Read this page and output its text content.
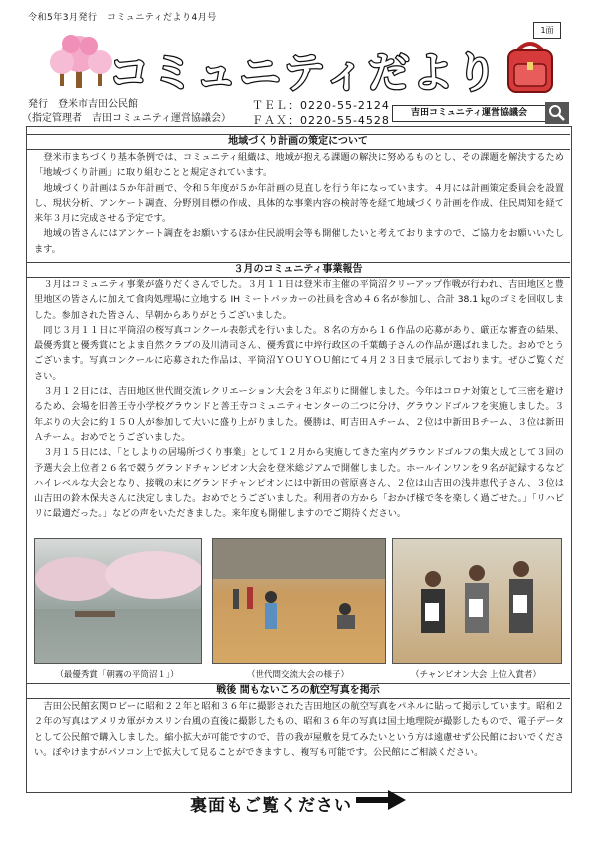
令和5年3月発行　コミュニティだより4月号
1面
コミュニティだより
発行　登米市吉田公民館
（指定管理者　吉田コミュニティ運営協議会）
ＴＥＬ：0220-55-2124
ＦＡＸ：0220-55-4528
吉田コミュニティ運営協議会
地域づくり計画の策定について
　登米市まちづくり基本条例では、コミュニティ組織は、地域が抱える課題の解決に努めるものとし、その課題を解決するため「地域づくり計画」に取り組むことと規定されています。
　地域づくり計画は５か年計画で、令和５年度が５か年計画の見直しを行う年になっています。４月には計画策定委員会を設置し、現状分析、アンケート調査、分野別目標の作成、具体的な事業内容の検討等を経て地域づくり計画を作成、住民周知を経て来年３月に完成させる予定です。
　地域の皆さんにはアンケート調査をお願いするほか住民説明会等も開催したいと考えておりますので、ご協力をお願いいたします。
３月のコミュニティ事業報告
　３月はコミュニティ事業が盛りだくさんでした。３月１１日は登米市主催の平筒沼クリーアップ作戦が行われ、吉田地区と豊里地区の皆さんに加えて食肉処理場に立地する IH ミートパッカーの社員を含め４６名が参加し、合計 38.1 ㎏のゴミを回収しました。参加された皆さん、早朝からありがとうございました。
　同じ３月１１日に平筒沼の桜写真コンクール表彰式を行いました。８名の方から１６作品の応募があり、厳正な審査の結果、最優秀賞と優秀賞にとよま自然クラブの及川清司さん、優秀賞に中埣行政区の千葉鶴子さんの作品が選ばれました。おめでとうございます。写真コンクールに応募された作品は、平筒沼ＹＯＵＹＯＵ館にて４月２３日まで展示しております。ぜひご覧ください。
　３月１２日には、吉田地区世代間交流レクリエーション大会を３年ぶりに開催しました。今年はコロナ対策として三密を避けるため、会場を旧善王寺小学校グラウンドと善王寺コミュニティセンターの二つに分け、グラウンドゴルフを実施しました。３年ぶりの大会に約１５０人が参加して大いに盛り上がりました。優勝は、町吉田Ａチーム、２位は中新田Ｂチーム、３位は新田Ａチーム。おめでとうございました。
　３月１５日には、「としよりの居場所づくり事業」として１２月から実施してきた室内グラウンドゴルフの集大成として３回の予選大会上位者２６名で競うグランドチャンピオン大会を登米総ジアムで開催しました。ホールインワンを９名が記録するなどハイレベルな大会となり、接戦の末にグランドチャンピオンには中新田の菅原喜さん、２位は山吉田の浅井恵代子さん、３位は山吉田の鈴木保夫さんに決定しました。おめでとうございました。利用者の方から「おかげ様で冬を楽しく過ごせた。」「リハビリに最適だった。」などの声をいただきました。来年度も開催しますのでご期待ください。
（最優秀賞「朝霧の平筒沼１」）	（世代間交流大会の様子）	（チャンピオン大会 上位入賞者）
戦後 間もないころの航空写真を掲示
　吉田公民館玄関ロビーに昭和２２年と昭和３６年に撮影された吉田地区の航空写真をパネルに貼って掲示しています。昭和２２年の写真はアメリカ軍がカスリン台風の直後に撮影したもの、昭和３６年の写真は国土地理院が撮影したもので、電子データとして公民館で購入しました。縮小拡大が可能ですので、昔の我が屋敷を見てみたいという方は遠慮せず公民館においでください。ぼやけますがパソコン上で拡大して見ることができますし、複写も可能です。公民館にご相談ください。
裏面もご覧ください
